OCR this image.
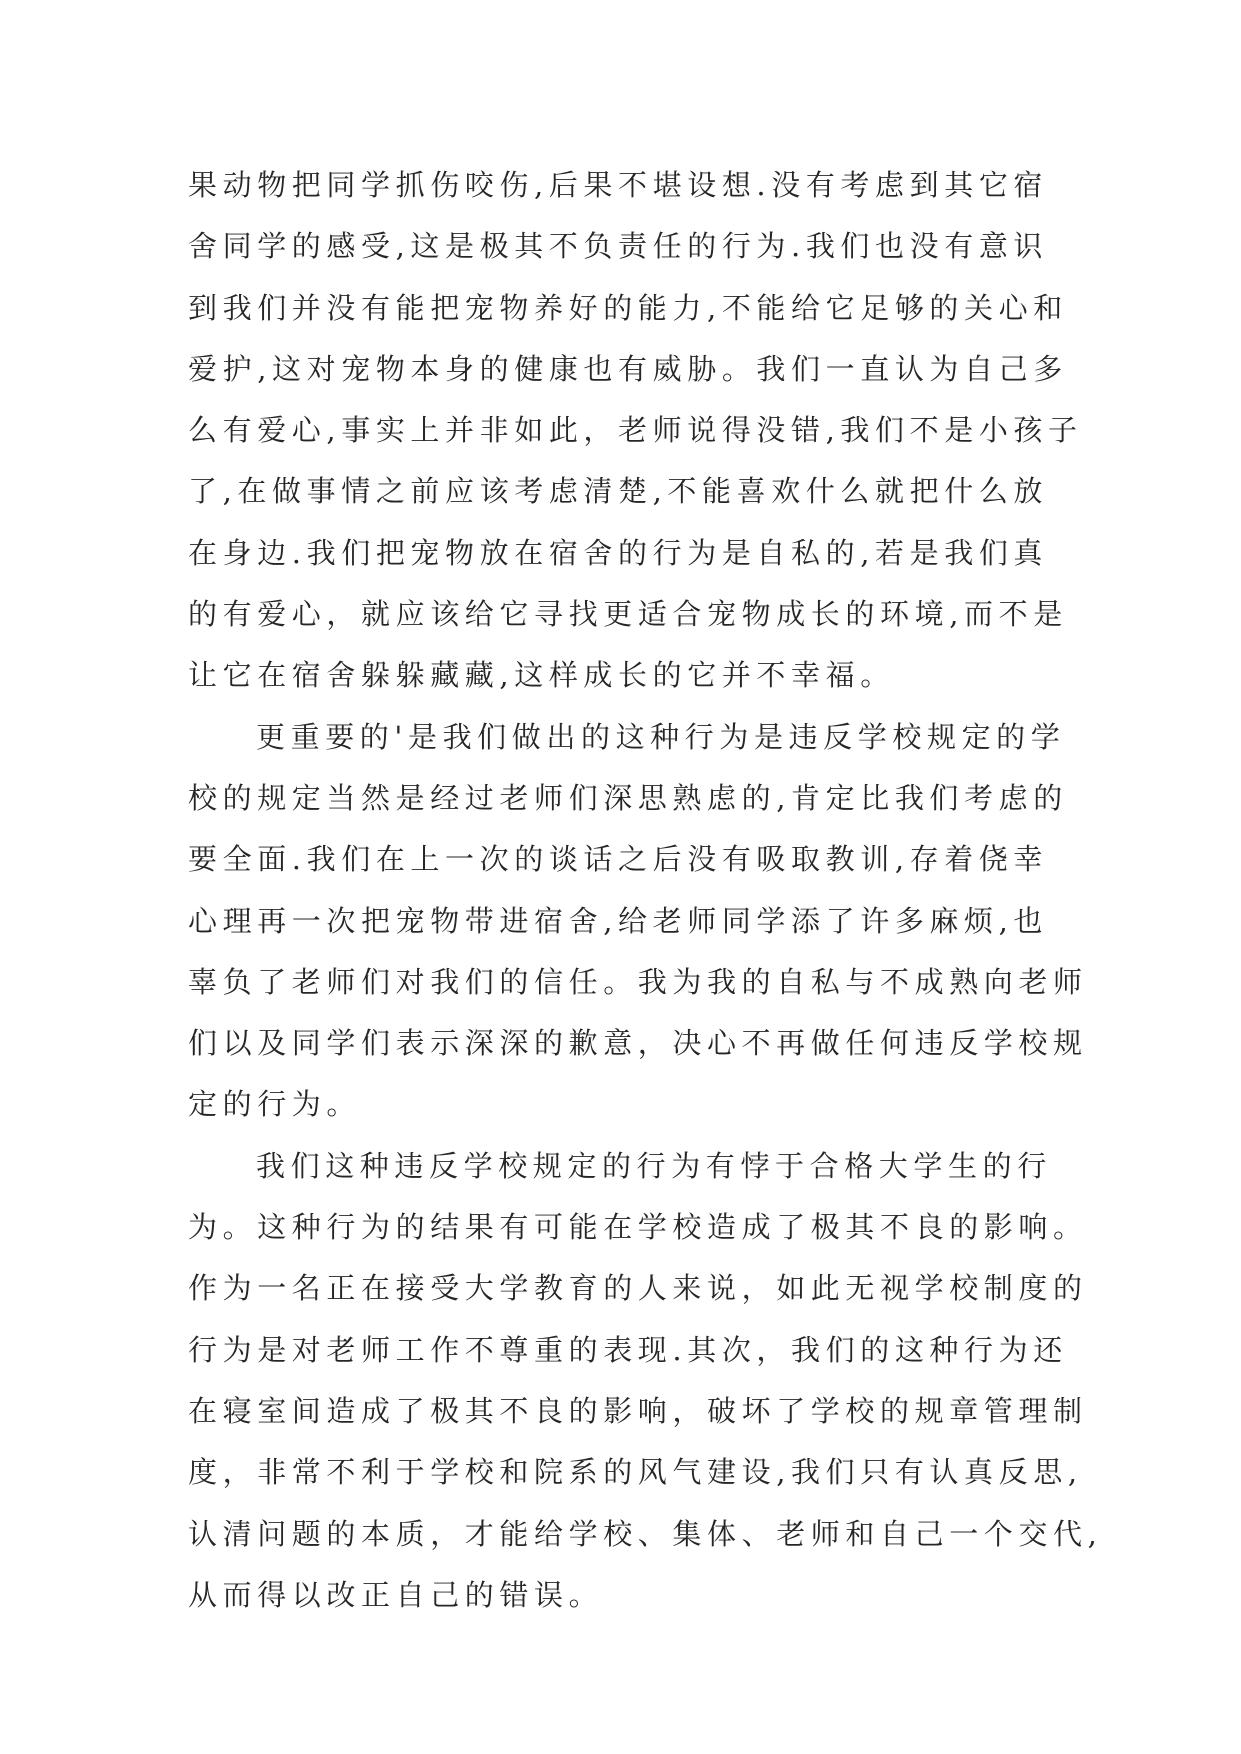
果动物把同学抓伤咬伤,后果不堪设想.没有考虑到其它宿
舍同学的感受,这是极其不负责任的行为.我们也没有意识
到我们并没有能把宠物养好的能力,不能给它足够的关心和
爱护,这对宠物本身的健康也有威胁。我们一直认为自己多
么有爱心,事实上并非如此，老师说得没错,我们不是小孩子
了,在做事情之前应该考虑清楚,不能喜欢什么就把什么放
在身边.我们把宠物放在宿舍的行为是自私的,若是我们真
的有爱心，就应该给它寻找更适合宠物成长的环境,而不是
让它在宿舍躲躲藏藏,这样成长的它并不幸福。
更重要的'是我们做出的这种行为是违反学校规定的学
校的规定当然是经过老师们深思熟虑的,肯定比我们考虑的
要全面.我们在上一次的谈话之后没有吸取教训,存着侥幸
心理再一次把宠物带进宿舍,给老师同学添了许多麻烦,也
辜负了老师们对我们的信任。我为我的自私与不成熟向老师
们以及同学们表示深深的歉意，决心不再做任何违反学校规
定的行为。
我们这种违反学校规定的行为有悖于合格大学生的行
为。这种行为的结果有可能在学校造成了极其不良的影响。
作为一名正在接受大学教育的人来说，如此无视学校制度的
行为是对老师工作不尊重的表现.其次，我们的这种行为还
在寝室间造成了极其不良的影响，破坏了学校的规章管理制
度，非常不利于学校和院系的风气建设,我们只有认真反思,
认清问题的本质，才能给学校、集体、老师和自己一个交代,
从而得以改正自己的错误。
